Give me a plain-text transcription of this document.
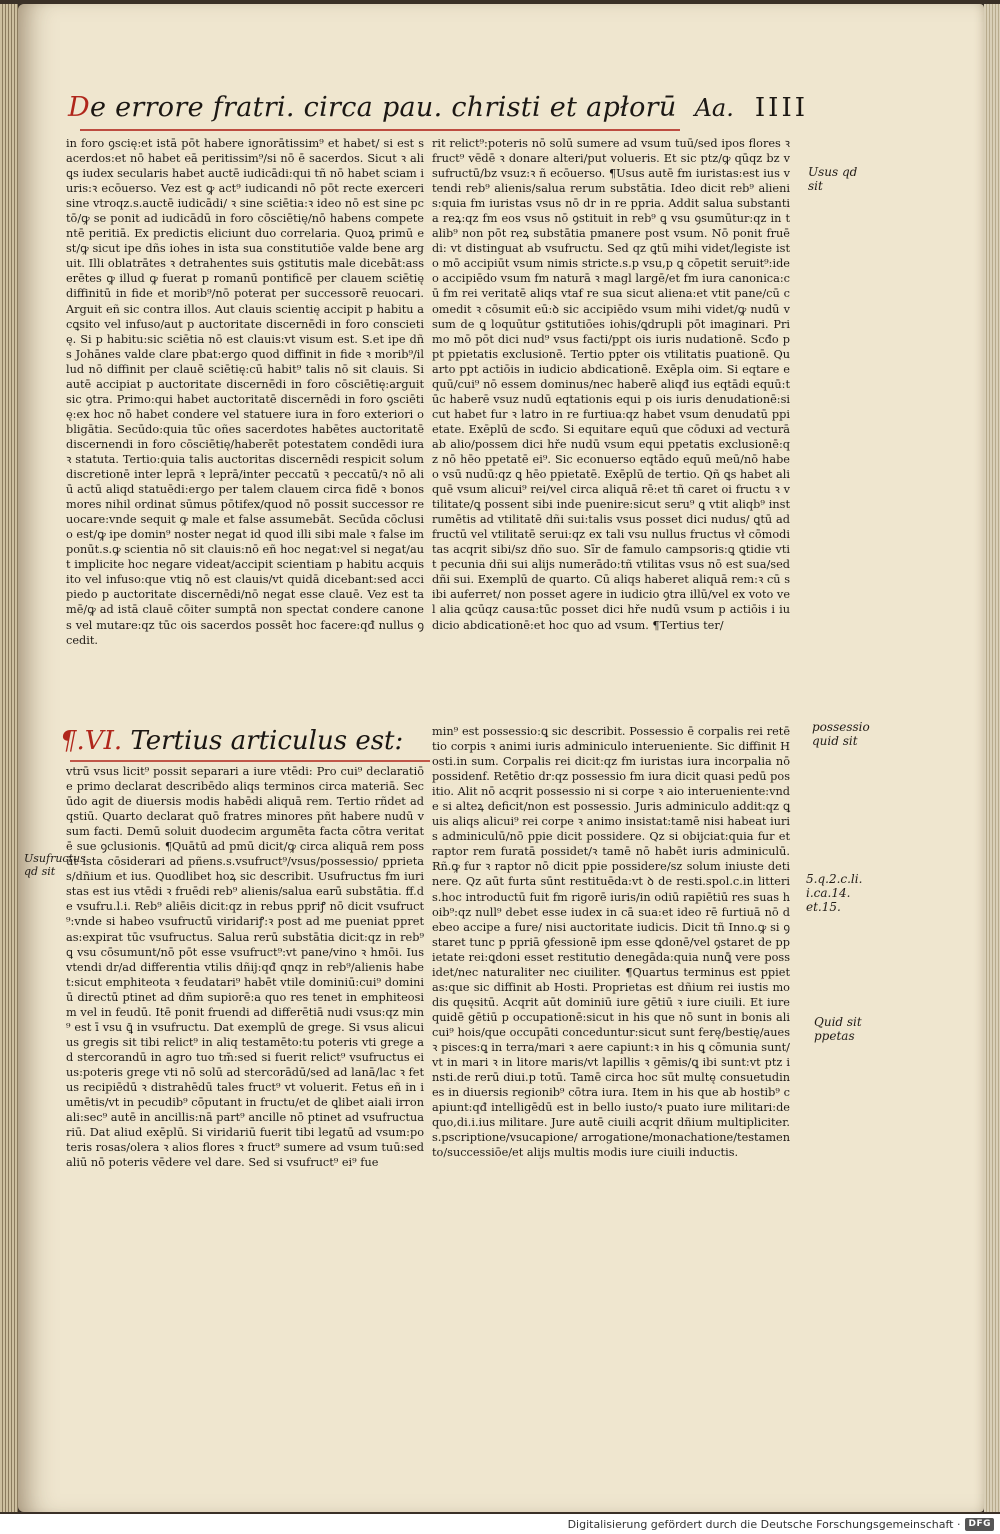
De errore fratri. circa pau. christi et apłorū Aa. IIII
in foro ꝯscię:et istā pōt habere ignorātissim⁹ et habet/ si est sacerdos:et nō habet eā peritissim⁹/si nō ē sacerdos. Sicut ꝛ aliꝗs iudex secularis habet auctē iudicādi:qui tñ nō habet sciam iuris:ꝛ ecōuerso. Vez est ꝙ act⁹ iudicandi nō pōt recte exerceri sine vtroqz.s.auctē iudicādi/ ꝛ sine sciētia:ꝛ ideo nō est sine pctō/ꝙ se ponit ad iudicādū in foro cōsciētię/nō habens competentē peritiā. Ex predictis eliciunt duo correlaria. Quoꝝ primū est/ꝙ sicut ipe dñs iohes in ista sua constitutiōe valde bene arguit. Illi oblatrātes ꝛ detrahentes suis ꝯstitutis male dicebāt:asserētes ꝙ illud ꝙ fuerat p romanū pontificē per clauem sciētię diffinitū in fide et morib⁹/nō poterat per successorē reuocari. Arguit eñ sic contra illos. Aut clauis scientię accipit p habitu acꝗsito vel infuso/aut p auctoritate discernēdi in foro conscietię. Si p habitu:sic sciētia nō est clauis:vt visum est. S.et ipe dñs Johānes valde clare pbat:ergo quod diffinit in fide ꝛ morib⁹/illud nō diffinit per clauē sciētię:cū habit⁹ talis nō sit clauis. Si autē accipiat p auctoritate discernēdi in foro cōsciētię:arguit sic ꝯtra. Primo:qui habet auctoritatē discernēdi in foro ꝯsciētię:ex hoc nō habet condere vel statuere iura in foro exteriori obligātia. Secūdo:quia tūc oñes sacerdotes habētes auctoritatē discernendi in foro cōsciētię/haberēt potestatem condēdi iura ꝛ statuta. Tertio:quia talis auctoritas discernēdi respicit solum discretionē inter leprā ꝛ leprā/inter peccatū ꝛ peccatū/ꝛ nō aliū actū aliqd statuēdi:ergo per talem clauem circa fidē ꝛ bonos mores nihil ordinat sūmus pōtifex/quod nō possit successor reuocare:vnde sequit ꝙ male et false assumebāt. Secūda cōclusio est/ꝙ ipe domin⁹ noster negat id quod illi sibi male ꝛ false imponūt.s.ꝙ scientia nō sit clauis:nō eñ hoc negat:vel si negat/aut implicite hoc negare videat/accipit scientiam p habitu acquisito vel infuso:que vtiꝗ nō est clauis/vt quidā dicebant:sed accipiedo p auctoritate discernēdi/nō negat esse clauē. Vez est tamē/ꝙ ad istā clauē cōiter sumptā non spectat condere canones vel mutare:qz tūc ois sacerdos possēt hoc facere:qđ nullus ꝯcedit.
¶.VI. Tertius articulus est:
vtrū vsus licit⁹ possit separari a iure vtēdi: Pro cui⁹ declaratiōe primo declarat describēdo aliqs terminos circa materiā. Secūdo agit de diuersis modis habēdi aliquā rem. Tertio rñdet ad qstiū. Quarto declarat quō fratres minores pñt habere nudū vsum facti. Demū soluit duodecim argumēta facta cōtra veritatē sue ꝯclusionis. ¶Quātū ad pmū dicit/ꝙ circa aliquā rem possūt ista cōsiderari ad pñens.s.vsufruct⁹/vsus/possessio/ pprietas/dñium et ius. Quodlibet hoꝝ sic describit. Usufructus fm iuristas est ius vtēdi ꝛ fruēdi reb⁹ alienis/salua earū substātia. ff.de vsufru.l.i. Reb⁹ aliēis dicit:qz in rebus ppriꝭ nō dicit vsufruct⁹:vnde si habeo vsufructū viridariꝭ:ꝛ post ad me pueniat ppretas:expirat tūc vsufructus. Salua rerū substātia dicit:qz in reb⁹ ꝗ vsu cōsumunt/nō pōt esse vsufruct⁹:vt pane/vino ꝛ hmōi. Ius vtendi dr/ad differentia vtilis dñij:qđ qnqz in reb⁹/alienis habet:sicut emphiteota ꝛ feudatari⁹ habēt vtile dominiū:cui⁹ dominiū directū ptinet ad dñm supiorē:a quo res tenet in emphiteosim vel in feudū. Itē ponit fruendi ad differētiā nudi vsus:qz min⁹ est ī vsu ꝗ̄ in vsufructu. Dat exemplū de grege. Si vsus alicuius gregis sit tibi relict⁹ in aliq testamēto:tu poteris vti grege ad stercorandū in agro tuo tm̄:sed si fuerit relict⁹ vsufructus eius:poteris grege vti nō solū ad stercorādū/sed ad lanā/lac ꝛ fetus recipiēdū ꝛ distrahēdū tales fruct⁹ vt voluerit. Fetus eñ in iumētis/vt in pecudib⁹ cōputant in fructu/et de ꝗlibet aiali irronali:sec⁹ autē in ancillis:nā part⁹ ancille nō ptinet ad vsufructuariū. Dat aliud exēplū. Si viridariū fuerit tibi legatū ad vsum:poteris rosas/olera ꝛ alios flores ꝛ fruct⁹ sumere ad vsum tuū:sed aliū nō poteris vēdere vel dare. Sed si vsufruct⁹ ei⁹ fue
rit relict⁹:poteris nō solū sumere ad vsum tuū/sed ipos flores ꝛ fruct⁹ vēdē ꝛ donare alteri/put volueris. Et sic ptz/ꝙ qūqz bz vsufructū/bz vsuz:ꝛ ñ ecōuerso. ¶Usus autē fm iuristas:est ius vtendi reb⁹ alienis/salua rerum substātia. Ideo dicit reb⁹ alienis:quia fm iuristas vsus nō dr in re ppria. Addit salua substantia reꝝ:qz fm eos vsus nō ꝯstituit in reb⁹ ꝗ vsu ꝯsumūtur:qz in talib⁹ non pōt reꝝ substātia pmanere post vsum. Nō ponit fruēdi: vt distinguat ab vsufructu. Sed qz ꝗtū mihi videt/legiste isto mō accipiūt vsum nimis stricte.s.p vsu,p ꝗ cōpetit seruit⁹:ideo accipiēdo vsum fm naturā ꝛ magl largē/et fm iura canonica:cū fm rei veritatē aliqs vtaf re sua sicut aliena:et vtit pane/cū comedit ꝛ cōsumit eū:ꝺ sic accipiēdo vsum mihi videt/ꝙ nudū vsum de ꝗ loquūtur ꝯstitutiōes iohis/ꝗdrupli pōt imaginari. Primo mō pōt dici nud⁹ vsus facti/ppt ois iuris nudationē. Scđo ppt ppietatis exclusionē. Tertio ppter ois vtilitatis puationē. Quarto ppt actiōis in iudicio abdicationē. Exēpla oim. Si eqtare equū/cui⁹ nō essem dominus/nec haberē aliqđ ius eqtādi equū:tūc haberē vsuz nudū eqtationis equi p ois iuris denudationē:sicut habet fur ꝛ latro in re furtiua:qz habet vsum denudatū ppietate. Exēplū de scđo. Si equitare equū que cōduxi ad vecturā ab alio/possem dici hře nudū vsum equi ppetatis exclusionē:qz nō hēo ppetatē ei⁹. Sic econuerso eqtādo equū meū/nō habeo vsū nudū:qz ꝗ hēo ppietatē. Exēplū de tertio. Qñ ꝗs habet aliquē vsum alicui⁹ rei/vel circa aliquā rē:et tñ caret oi fructu ꝛ vtilitate/ꝗ possent sibi inde puenire:sicut seru⁹ ꝗ vtit aliqb⁹ instrumētis ad vtilitatē dñi sui:talis vsus posset dici nudus/ ꝗtū ad fructū vel vtilitatē serui:qz ex tali vsu nullus fructus vł cōmoditas acqrit sibi/sz dño suo. Sīr de famulo campsoris:ꝗ ꝗtidie vtit pecunia dñi sui alijs numerādo:tñ vtilitas vsus nō est sua/sed dñi sui. Exemplū de quarto. Cū aliqs haberet aliquā rem:ꝛ cū sibi auferret/ non posset agere in iudicio ꝯtra illū/vel ex voto vel alia ꝗcūqz causa:tūc posset dici hře nudū vsum p actiōis i iudicio abdicationē:et hoc quo ad vsum. ¶Tertius ter/
min⁹ est possessio:ꝗ sic describit. Possessio ē corpalis rei retētio corpis ꝛ animi iuris adminiculo interueniente. Sic diffinit Hosti.in sum. Corpalis rei dicit:qz fm iuristas iura incorpalia nō possidenf. Retētio dr:qz possessio fm iura dicit quasi pedū positio. Alit nō acqrit possessio ni si corpe ꝛ aio interueniente:vnde si alteꝝ deficit/non est possessio. Juris adminiculo addit:qz ꝗuis aliqs alicui⁹ rei corpe ꝛ animo insistat:tamē nisi habeat iuris adminiculū/nō ppie dicit possidere. Qz si obijciat:quia fur et raptor rem furatā possidet/ꝛ tamē nō habēt iuris adminiculū. Rñ.ꝙ fur ꝛ raptor nō dicit ppie possidere/sz solum iniuste detinere. Qz aūt furta sūnt restituēda:vt ꝺ de resti.spol.c.in litteris.hoc introductū fuit fm rigorē iuris/in odiū rapiētiū res suas hoib⁹:qz null⁹ debet esse iudex in cā sua:et ideo rē furtiuā nō debeo accipe a fure/ nisi auctoritate iudicis. Dicit tñ Inno.ꝙ si ꝯstaret tunc p ppriā ꝯfessionē ipm esse ꝗdonē/vel ꝯstaret de ppietate rei:ꝗdoni esset restitutio denegāda:quia nunꝗ̄ vere possidet/nec naturaliter nec ciuiliter. ¶Quartus terminus est ppietas:que sic diffinit ab Hosti. Proprietas est dñium rei iustis modis quęsitū. Acqrit aūt dominiū iure gētiū ꝛ iure ciuili. Et iure quidē gētiū p occupationē:sicut in his que nō sunt in bonis alicui⁹ hois/que occupāti conceduntur:sicut sunt ferę/bestię/aues ꝛ pisces:ꝗ in terra/mari ꝛ aere capiunt:ꝛ in his ꝗ cōmunia sunt/vt in mari ꝛ in litore maris/vt lapillis ꝛ gēmis/ꝗ ibi sunt:vt ptz insti.de rerū diui.p totū. Tamē circa hoc sūt multę consuetudines in diuersis regionib⁹ cōtra iura. Item in his que ab hostib⁹ capiunt:qđ intelligēdū est in bello iusto/ꝛ puato iure militari:de quo,di.i.ius militare. Jure autē ciuili acqrit dñium multipliciter.s.pscriptione/vsucapione/ arrogatione/monachatione/testamento/successiōe/et alijs multis modis iure ciuili inductis.
Usus qd sit
Usufructus qd sit
possessio quid sit
5.q.2.c.li. i.ca.14. et.15.
Quid sit ppetas
Digitalisierung gefördert durch die Deutsche Forschungsgemeinschaft · DFG
